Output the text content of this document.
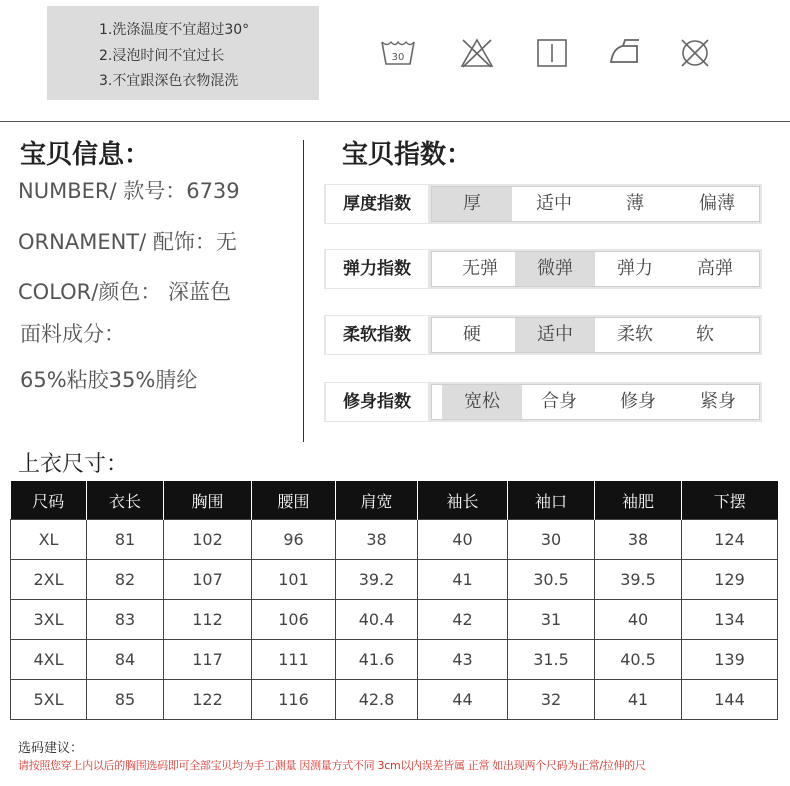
1.洗涤温度不宜超过30°
2.浸泡时间不宜过长
3.不宜跟深色衣物混洗
30
宝贝信息：
NUMBER/ 款号：6739
ORNAMENT/ 配饰：无
COLOR/颜色： 深蓝色
面料成分：
65%粘胶35%腈纶
宝贝指数：
厚度指数	厚	适中	薄	偏薄
弹力指数	无弹	微弹	弹力	高弹
柔软指数	硬	适中	柔软	软
修身指数	宽松	合身	修身	紧身
上衣尺寸：
尺码	衣长	胸围	腰围	肩宽	袖长	袖口	袖肥	下摆
XL	81	102	96	38	40	30	38	124
2XL	82	107	101	39.2	41	30.5	39.5	129
3XL	83	112	106	40.4	42	31	40	134
4XL	84	117	111	41.6	43	31.5	40.5	139
5XL	85	122	116	42.8	44	32	41	144
选码建议：
请按照您穿上内以后的胸围选码即可全部宝贝均为手工测量 因测量方式不同 3cm以内误差皆属 正常 如出现两个尺码为正常/拉伸的尺
